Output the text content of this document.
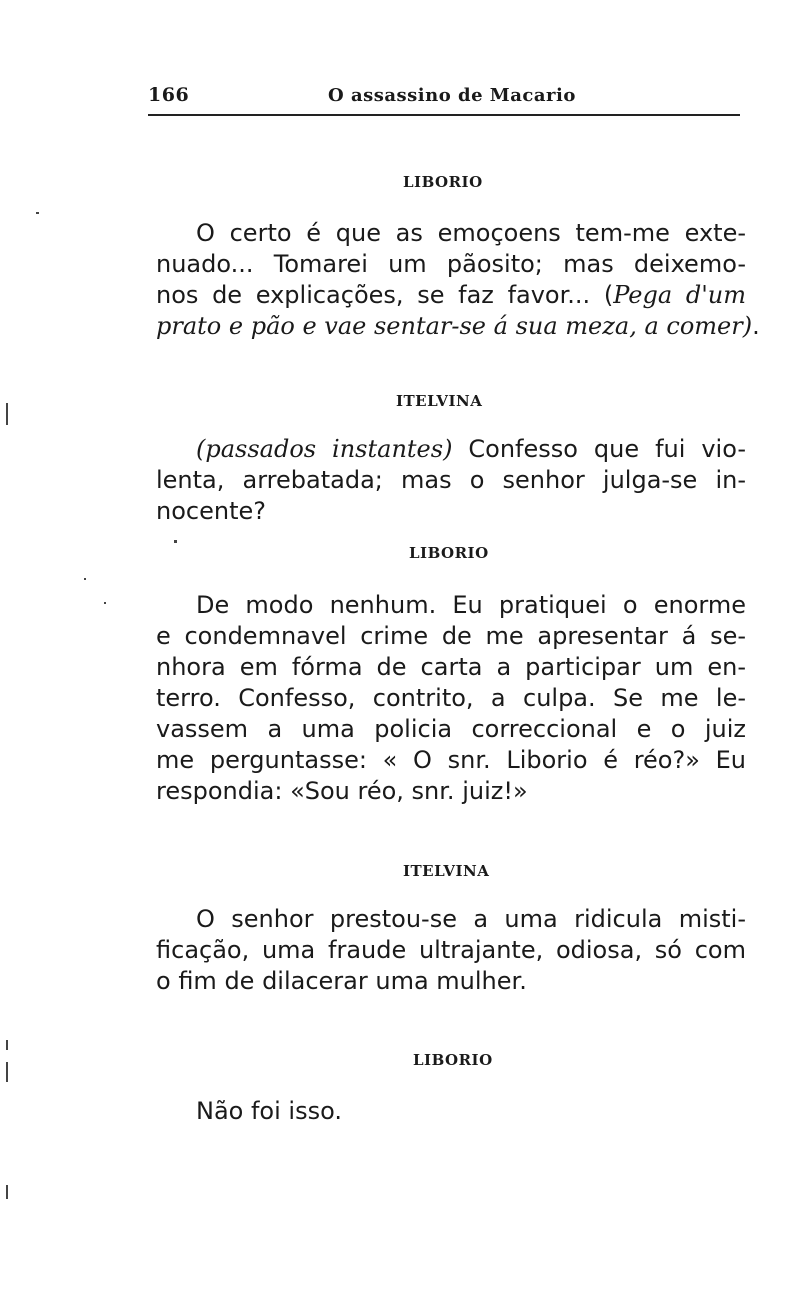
166	O assassino de Macario
LIBORIO
O certo é que as emoçoens tem-me exte-
nuado... Tomarei um pãosito; mas deixemo-
nos de explicações, se faz favor... (Pega d'um
prato e pão e vae sentar-se á sua meza, a comer).
ITELVINA
(passados instantes) Confesso que fui vio-
lenta, arrebatada; mas o senhor julga-se in-
nocente?
LIBORIO
De modo nenhum. Eu pratiquei o enorme
e condemnavel crime de me apresentar á se-
nhora em fórma de carta a participar um en-
terro. Confesso, contrito, a culpa. Se me le-
vassem a uma policia correccional e o juiz
me perguntasse: « O snr. Liborio é réo?» Eu
respondia: «Sou réo, snr. juiz!»
ITELVINA
O senhor prestou-se a uma ridicula misti-
ficação, uma fraude ultrajante, odiosa, só com
o fim de dilacerar uma mulher.
LIBORIO
Não foi isso.
